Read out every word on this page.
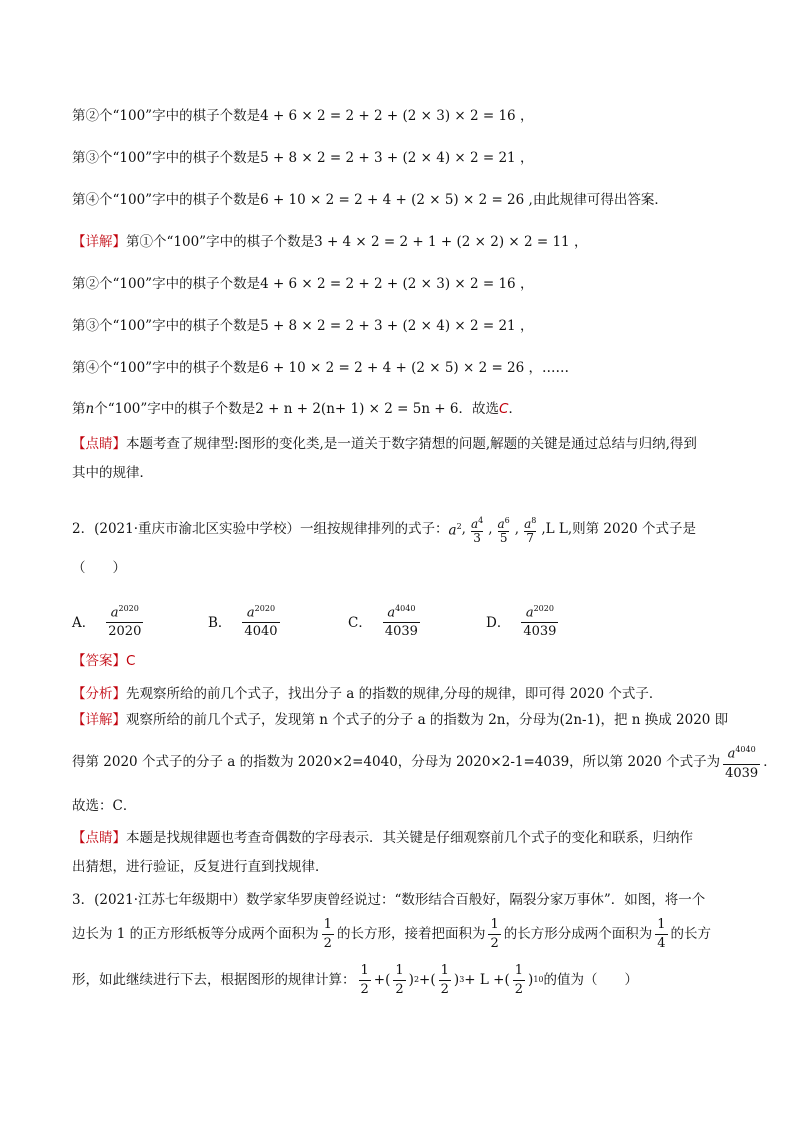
第②个“100”字中的棋子个数是4 + 6 × 2 = 2 + 2 + (2 × 3) × 2 = 16 ，
第③个“100”字中的棋子个数是5 + 8 × 2 = 2 + 3 + (2 × 4) × 2 = 21 ，
第④个“100”字中的棋子个数是6 + 10 × 2 = 2 + 4 + (2 × 5) × 2 = 26 ,由此规律可得出答案．
【详解】第①个“100”字中的棋子个数是3 + 4 × 2 = 2 + 1 + (2 × 2) × 2 = 11 ，
第②个“100”字中的棋子个数是4 + 6 × 2 = 2 + 2 + (2 × 3) × 2 = 16 ，
第③个“100”字中的棋子个数是5 + 8 × 2 = 2 + 3 + (2 × 4) × 2 = 21 ，
第④个“100”字中的棋子个数是6 + 10 × 2 = 2 + 4 + (2 × 5) × 2 = 26 ，……
第n个“100”字中的棋子个数是2 + n + 2(n+ 1) × 2 = 5n + 6．故选C．
【点睛】本题考查了规律型:图形的变化类,是一道关于数字猜想的问题,解题的关键是通过总结与归纳,得到
其中的规律．
2．(2021·重庆市渝北区实验中学校）一组按规律排列的式子： $a^2$ , $\frac{a^4}{3}$ , $\frac{a^6}{5}$ , $\frac{a^8}{7} ,L$ L ,则第 2020 个式子是
（　　）
A． $\frac{a^{2020}}{2020}$	B． $\frac{a^{2020}}{4040}$	C． $\frac{a^{4040}}{4039}$	D． $\frac{a^{2020}}{4039}$
【答案】C
【分析】先观察所给的前几个式子，找出分子 a 的指数的规律,分母的规律，即可得 2020 个式子．
【详解】观察所给的前几个式子，发现第 n 个式子的分子 a 的指数为 2n，分母为(2n-1)，把 n 换成 2020 即
得第 2020 个式子的分子 a 的指数为 2020×2=4040，分母为 2020×2-1=4039，所以第 2020 个式子为 $\frac{a^{4040}}{4039}$ ．
故选：C．
【点睛】本题是找规律题也考查奇偶数的字母表示．其关键是仔细观察前几个式子的变化和联系，归纳作
出猜想，进行验证，反复进行直到找规律．
3．(2021·江苏七年级期中）数学家华罗庚曾经说过：“数形结合百般好，隔裂分家万事休”．如图，将一个
边长为 1 的正方形纸板等分成两个面积为 $\frac{1}{2}$ 的长方形，接着把面积为 $\frac{1}{2}$ 的长方形分成两个面积为 $\frac{1}{4}$ 的长方
形，如此继续进行下去，根据图形的规律计算： $\frac{1}{2}$ + ( $\frac{1}{2}$ ) 2 + ( $\frac{1}{2}$ ) 3 +
L
+ ( $\frac{1}{2}$ ) 10 的值为（　　）
